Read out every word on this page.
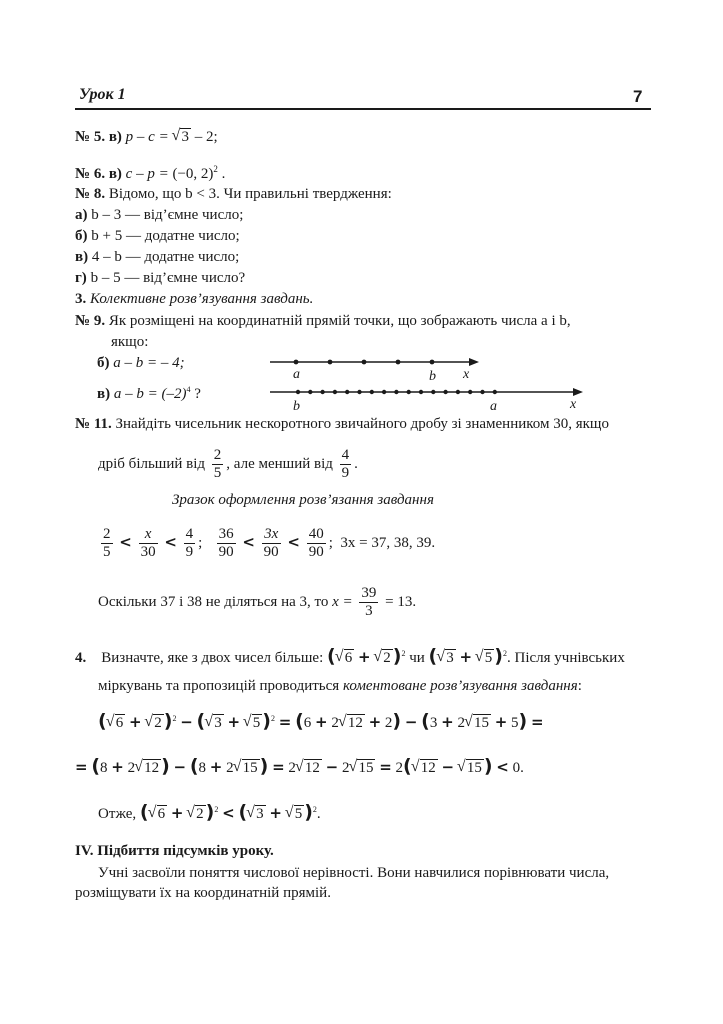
Урок 1	7
№ 5. в) p – c = √ 3 – 2;
№ 6. в) c – p = (−0, 2)$^2$ .
№ 8. Відомо, що b < 3. Чи правильні твердження:
а) b – 3 — від’ємне число;
б) b + 5 — додатне число;
в) 4 – b — додатне число;
г) b – 5 — від’ємне число?
3. Колективне розв’язування завдань.
№ 9. Як розміщені на координатній прямій точки, що зображають числа a і b,
якщо:
б) a – b = – 4;
в) $a - b = (-2)^4$ ?
a	b x
b	a	x
№ 11. Знайдіть чисельник нескоротного звичайного дробу зі знаменником 30, якщо
дріб більший від $\frac{2}{5}$ , але менший від $\frac{4}{9}$ .
Зразок оформлення розв’язання завдання
$\frac{2}{5} < \frac{x}{30} < \frac{4}{9}$ ; $\frac{36}{90} < \frac{3x}{90} < \frac{40}{90}$ ; 3x = 37, 38, 39.
Оскільки 37 і 38 не діляться на 3, то $x = \frac{39}{3} = 13$.
4. Визначте, яке з двох чисел більше: ( √ 6 + √ 2 )$^2$ чи ( √ 3 + √ 5 )$^2$. Після учнівських
міркувань та пропозицій проводиться коментоване розв’язування завдання:
( √ 6 + √ 2 )$^2$ − ( √ 3 + √ 5 )$^2$ = (6 + 2 √ 12 + 2) − (3 + 2 √ 15 + 5) =
= (8 + 2 √ 12 ) − (8 + 2 √ 15 ) = 2 √ 12 − 2 √ 15 = 2( √ 12 − √ 15 ) < 0.
Отже, ( √ 6 + √ 2 )$^2$ < ( √ 3 + √ 5 )$^2$.
IV. Підбиття підсумків уроку.
Учні засвоїли поняття числової нерівності. Вони навчилися порівнювати числа,
розміщувати їх на координатній прямій.
